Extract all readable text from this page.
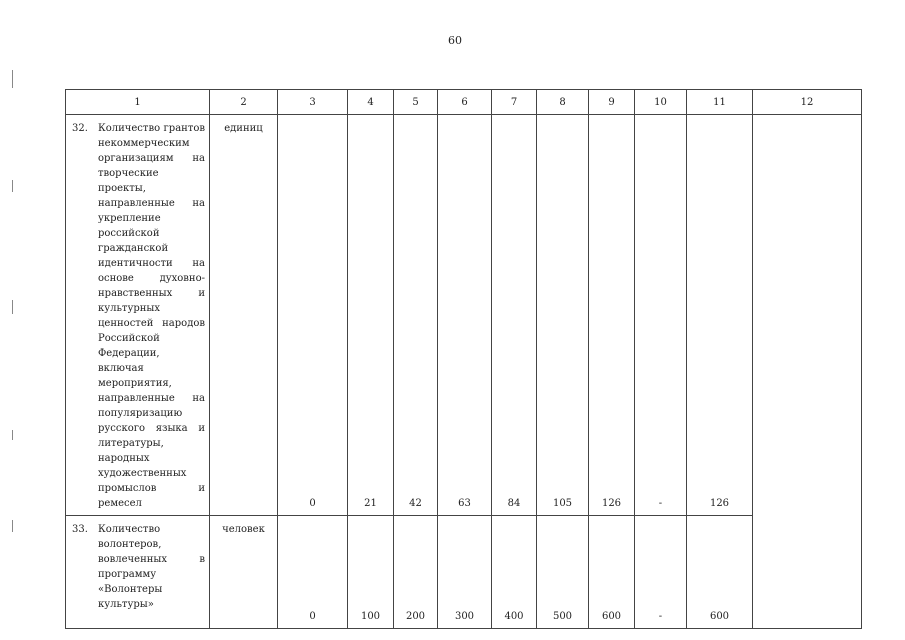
60
1	2	3	4	5	6	7	8	9	10	11	12

32. Количество грантов некоммерческим организациям на творческие проекты, направленные на укрепление российской гражданской идентичности на основе духовно-нравственных и культурных ценностей народов Российской Федерации, включая мероприятия, направленные на популяризацию русского языка и литературы, народных художественных промыслов и ремесел	единиц	0	21	42	63	84	105	126	-	126	

33. Количество волонтеров, вовлеченных в программу «Волонтеры культуры»	человек	0	100	200	300	400	500	600	-	600	
